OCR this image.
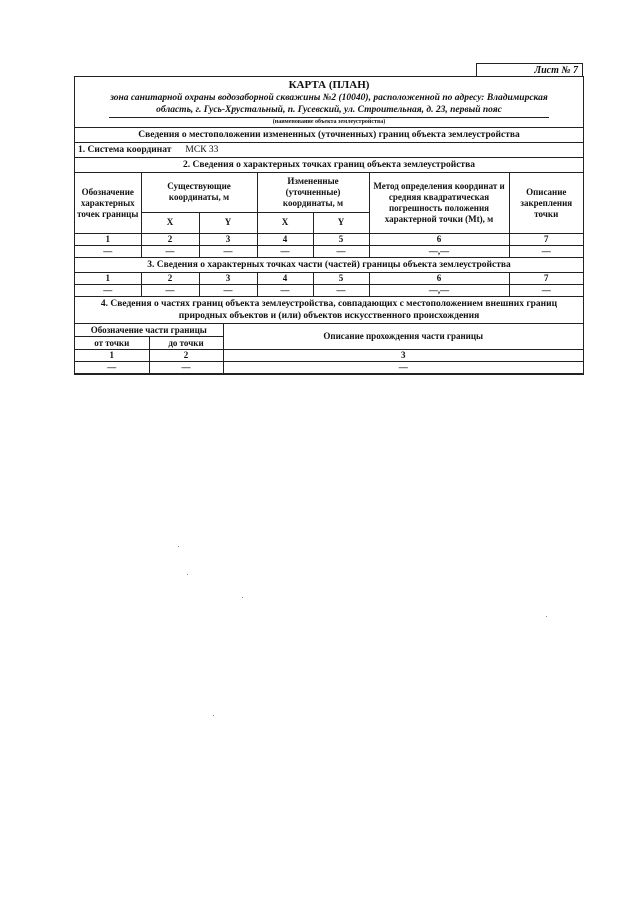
Лист № 7
КАРТА (ПЛАН)
зона санитарной охраны водозаборной скважины №2 (10040), расположенной по адресу: Владимирская
область, г. Гусь-Хрустальный, п. Гусевский, ул. Строительная, д. 23, первый пояс
(наименование объекта землеустройства)
Сведения о местоположении измененных (уточненных) границ объекта землеустройства
1. Система координат МСК 33
2. Сведения о характерных точках границ объекта землеустройства
Обозначение характерных точек границы	Существующие координаты, м		Измененные (уточненные) координаты, м		Метод определения координат и средняя квадратическая погрешность положения характерной точки (Mt), м	Описание закрепления точки
	X	Y	X	Y		
1	2	3	4	5	6	7
—	—	—	—	—	—,—	—
3. Сведения о характерных точках части (частей) границы объекта землеустройства
1	2	3	4	5	6	7
—	—	—	—	—	—,—	—
4. Сведения о частях границ объекта землеустройства, совпадающих с местоположением внешних границ
природных объектов и (или) объектов искусственного происхождения
Обозначение части границы		Описание прохождения части границы
от точки	до точки	
1	2	3
—	—	—
